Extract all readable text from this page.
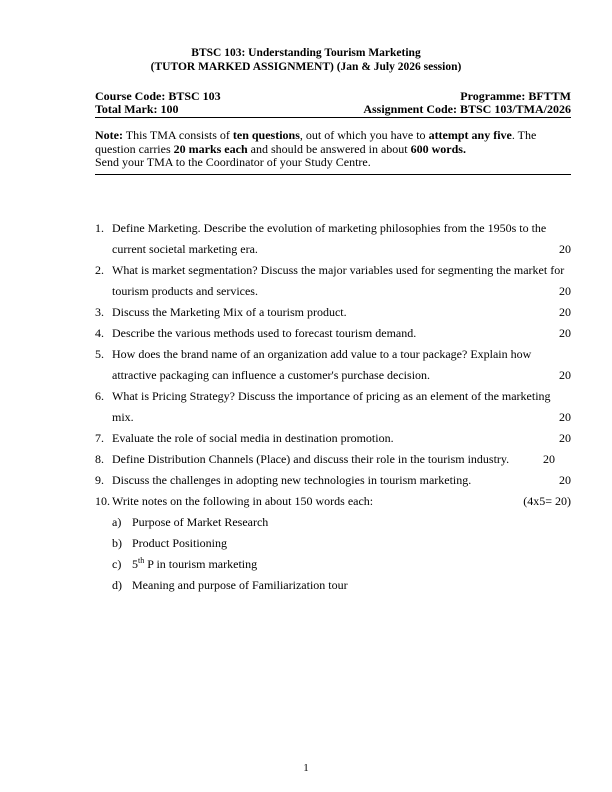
BTSC 103: Understanding Tourism Marketing
(TUTOR MARKED ASSIGNMENT) (Jan & July 2026 session)
Course Code: BTSC 103	Programme: BFTTM
Total Mark: 100	Assignment Code: BTSC 103/TMA/2026
Note: This TMA consists of ten questions, out of which you have to attempt any five. The question carries 20 marks each and should be answered in about 600 words.
Send your TMA to the Coordinator of your Study Centre.
1. Define Marketing. Describe the evolution of marketing philosophies from the 1950s to the
current societal marketing era.	20
2. What is market segmentation? Discuss the major variables used for segmenting the market for
tourism products and services.	20
3. Discuss the Marketing Mix of a tourism product.	20
4. Describe the various methods used to forecast tourism demand.	20
5. How does the brand name of an organization add value to a tour package? Explain how
attractive packaging can influence a customer's purchase decision.	20
6. What is Pricing Strategy? Discuss the importance of pricing as an element of the marketing
mix.	20
7. Evaluate the role of social media in destination promotion.	20
8. Define Distribution Channels (Place) and discuss their role in the tourism industry.	20
9. Discuss the challenges in adopting new technologies in tourism marketing.	20
10. Write notes on the following in about 150 words each:	(4x5= 20)
a) Purpose of Market Research
b) Product Positioning
c) 5th P in tourism marketing
d) Meaning and purpose of Familiarization tour
1
